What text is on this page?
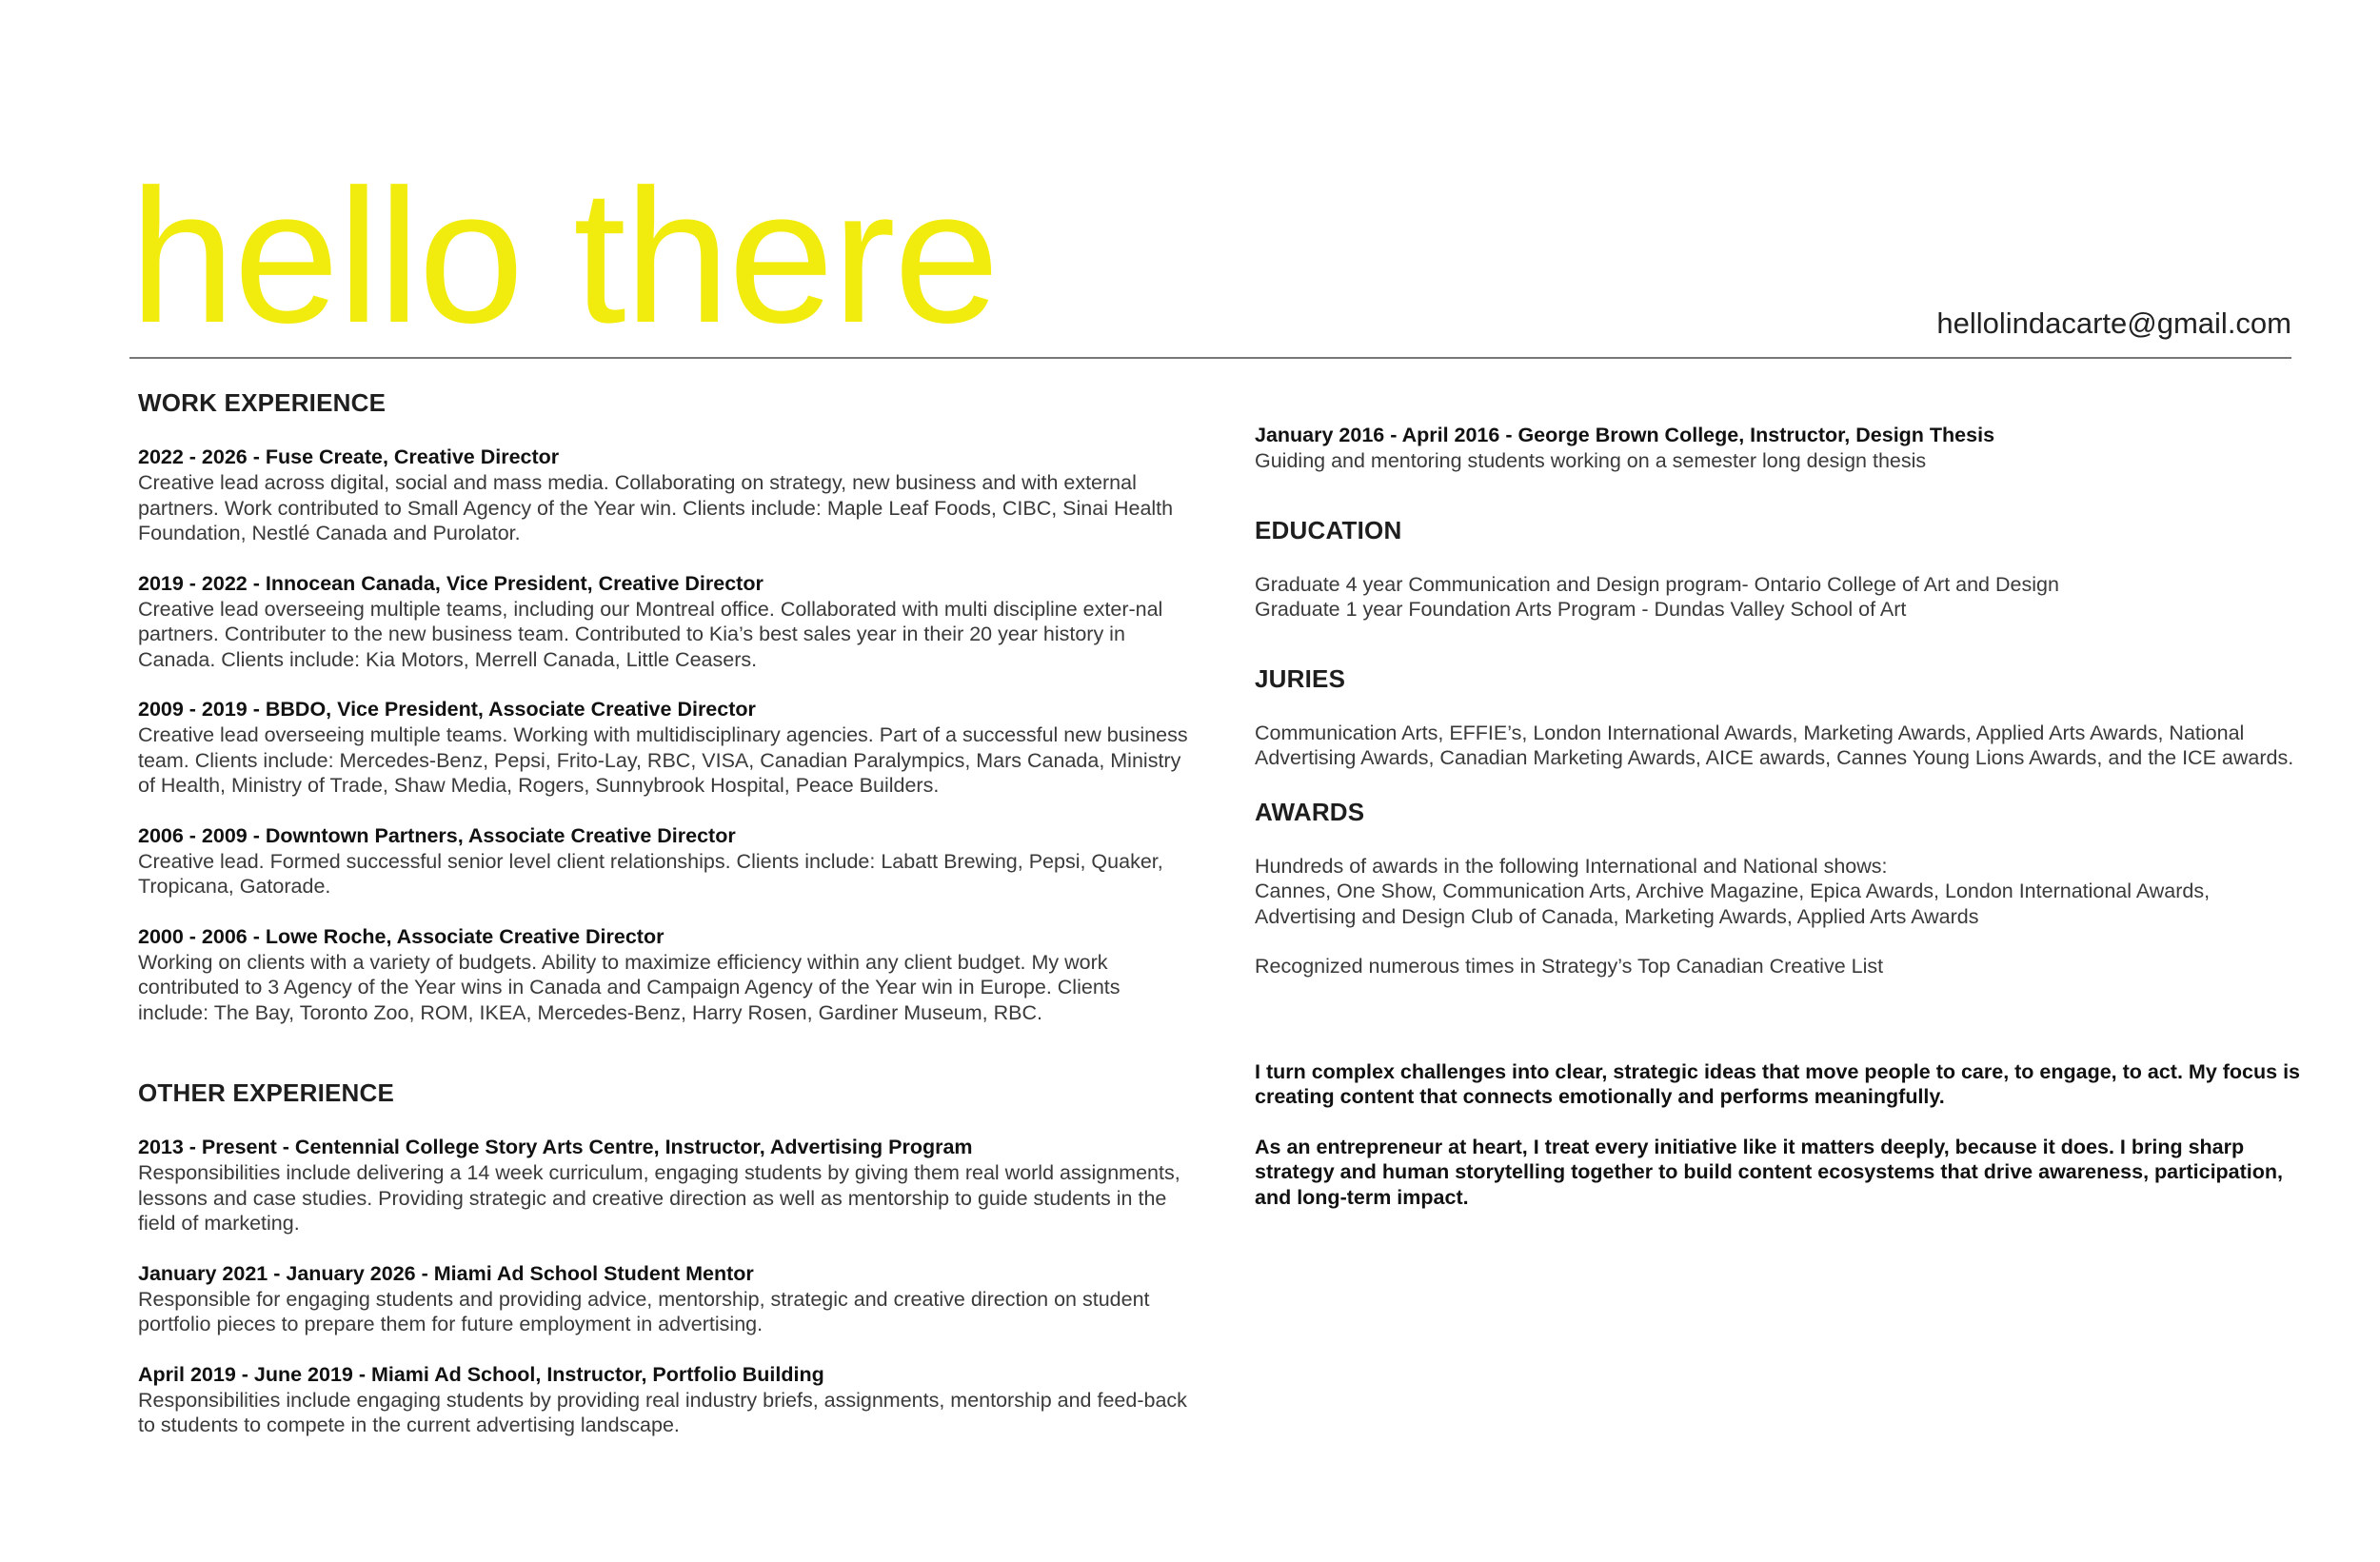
hello there	hellolindacarte@gmail.com
WORK EXPERIENCE
2022 - 2026 - Fuse Create, Creative Director
Creative lead across digital, social and mass media. Collaborating on strategy, new business and with external partners. Work contributed to Small Agency of the Year win. Clients include: Maple Leaf Foods, CIBC, Sinai Health Foundation, Nestlé Canada and Purolator.
2019 - 2022 - Innocean Canada, Vice President, Creative Director
Creative lead overseeing multiple teams, including our Montreal office. Collaborated with multi discipline exter-nal partners. Contributer to the new business team. Contributed to Kia’s best sales year in their 20 year history in Canada. Clients include: Kia Motors, Merrell Canada, Little Ceasers.
2009 - 2019 - BBDO, Vice President, Associate Creative Director
Creative lead overseeing multiple teams. Working with multidisciplinary agencies. Part of a successful new business team. Clients include: Mercedes-Benz, Pepsi, Frito-Lay, RBC, VISA, Canadian Paralympics, Mars Canada, Ministry of Health, Ministry of Trade, Shaw Media, Rogers, Sunnybrook Hospital, Peace Builders.
2006 - 2009 - Downtown Partners, Associate Creative Director
Creative lead. Formed successful senior level client relationships. Clients include: Labatt Brewing, Pepsi, Quaker, Tropicana, Gatorade.
2000 - 2006 - Lowe Roche, Associate Creative Director
Working on clients with a variety of budgets. Ability to maximize efficiency within any client budget. My work contributed to 3 Agency of the Year wins in Canada and Campaign Agency of the Year win in Europe. Clients include: The Bay, Toronto Zoo, ROM, IKEA, Mercedes-Benz, Harry Rosen, Gardiner Museum, RBC.
OTHER EXPERIENCE
2013 - Present - Centennial College Story Arts Centre, Instructor, Advertising Program
Responsibilities include delivering a 14 week curriculum, engaging students by giving them real world assignments, lessons and case studies. Providing strategic and creative direction as well as mentorship to guide students in the field of marketing.
January 2021 - January 2026 - Miami Ad School Student Mentor
Responsible for engaging students and providing advice, mentorship, strategic and creative direction on student portfolio pieces to prepare them for future employment in advertising.
April 2019 - June 2019 - Miami Ad School, Instructor, Portfolio Building
Responsibilities include engaging students by providing real industry briefs, assignments, mentorship and feed-back to students to compete in the current advertising landscape.
January 2016 - April 2016 - George Brown College, Instructor, Design Thesis
Guiding and mentoring students working on a semester long design thesis
EDUCATION
Graduate 4 year Communication and Design program- Ontario College of Art and Design
Graduate 1 year Foundation Arts Program - Dundas Valley School of Art
JURIES
Communication Arts, EFFIE’s, London International Awards, Marketing Awards, Applied Arts Awards, National Advertising Awards, Canadian Marketing Awards, AICE awards, Cannes Young Lions Awards, and the ICE awards.
AWARDS
Hundreds of awards in the following International and National shows:
Cannes, One Show, Communication Arts, Archive Magazine, Epica Awards, London International Awards, Advertising and Design Club of Canada, Marketing Awards, Applied Arts Awards
Recognized numerous times in Strategy’s Top Canadian Creative List
I turn complex challenges into clear, strategic ideas that move people to care, to engage, to act. My focus is creating content that connects emotionally and performs meaningfully.
As an entrepreneur at heart, I treat every initiative like it matters deeply, because it does. I bring sharp strategy and human storytelling together to build content ecosystems that drive awareness, participation, and long-term impact.
